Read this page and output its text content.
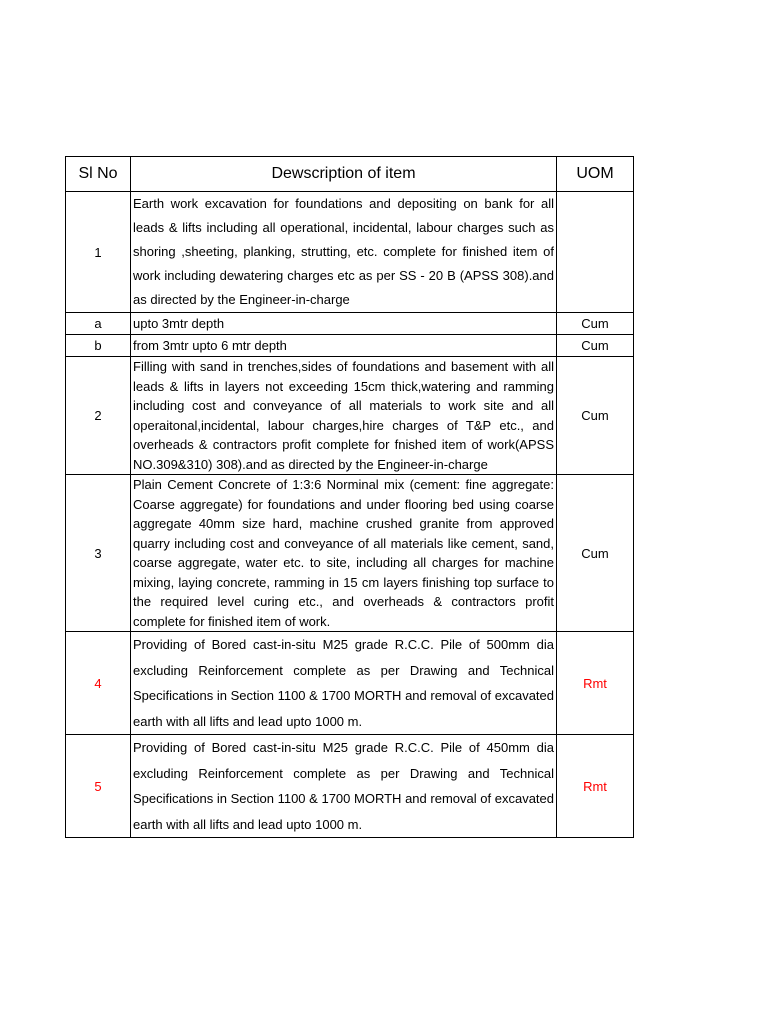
Sl No	Dewscription of item	UOM
1	Earth work excavation for foundations and depositing on bank for all leads & lifts including all operational, incidental, labour charges such as shoring ,sheeting, planking, strutting, etc. complete for finished item of work including dewatering charges etc as per SS - 20 B (APSS 308).and as directed by the Engineer-in-charge	
a	upto 3mtr depth	Cum
b	from 3mtr upto 6 mtr depth	Cum
2	Filling with sand in trenches,sides of foundations and basement with all leads & lifts in layers not exceeding 15cm thick,watering and ramming including cost and conveyance of all materials to work site and all operaitonal,incidental, labour charges,hire charges of T&P etc., and overheads & contractors profit complete for fnished item of work(APSS NO.309&310) 308).and as directed by the Engineer-in-charge	Cum
3	Plain Cement Concrete of 1:3:6 Norminal mix (cement: fine aggregate: Coarse aggregate) for foundations and under flooring bed using coarse aggregate 40mm size hard, machine crushed granite from approved quarry including cost and conveyance of all materials like cement, sand, coarse aggregate, water etc. to site, including all charges for machine mixing, laying concrete, ramming in 15 cm layers finishing top surface to the required level curing etc., and overheads & contractors profit complete for finished item of work.	Cum
4	Providing of Bored cast-in-situ M25 grade R.C.C. Pile of 500mm dia excluding Reinforcement complete as per Drawing and Technical Specifications in Section 1100 & 1700 MORTH and removal of excavated earth with all lifts and lead upto 1000 m.	Rmt
5	Providing of Bored cast-in-situ M25 grade R.C.C. Pile of 450mm dia excluding Reinforcement complete as per Drawing and Technical Specifications in Section 1100 & 1700 MORTH and removal of excavated earth with all lifts and lead upto 1000 m.	Rmt
